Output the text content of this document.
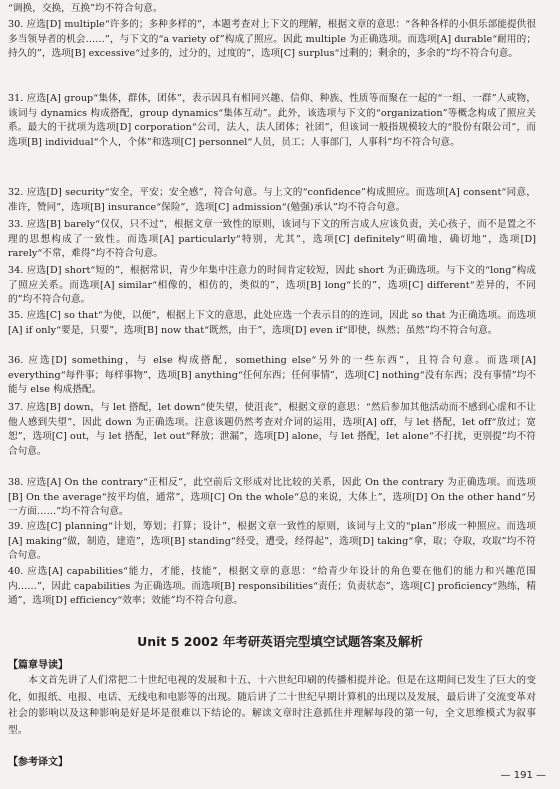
“调换，交换，互换”均不符合句意。
30. 应选[D] multiple“许多的；多种多样的”，本题考查对上下文的理解，根据文章的意思：“各种各样的小俱乐部能提供很多当领导者的机会……”，与下文的“a variety of”构成了照应。因此 multiple 为正确选项。而选项[A] durable“耐用的；持久的”，选项[B] excessive“过多的，过分的，过度的”，选项[C] surplus“过剩的；剩余的，多余的”均不符合句意。
31. 应选[A] group“集体，群体，团体”，表示因具有相同兴趣、信仰、种族、性质等而聚在一起的“一组、一群”人或物，该词与 dynamics 构成搭配，group dynamics“集体互动”。此外，该选项与下文的“organization”等概念构成了照应关系。最大的干扰项为选项[D] corporation“公司，法人，法人团体；社团”，但该词一般指规模较大的“股份有限公司”，而选项[B] individual“个人，个体”和选项[C] personnel“人员，员工；人事部门，人事科”均不符合句意。
32. 应选[D] security“安全，平安；安全感”，符合句意。与上文的“confidence”构成照应。而选项[A] consent“同意，准许，赞同”，选项[B] insurance“保险”，选项[C] admission“(勉强)承认”均不符合句意。
33. 应选[B] barely“仅仅，只不过”，根据文章一致性的原则，该词与下文的所言成人应该负责，关心孩子，而不是置之不理的思想构成了一致性。而选项[A] particularly“特别，尤其”，选项[C] definitely“明确地，确切地”，选项[D] rarely“不常，难得”均不符合句意。
34. 应选[D] short“短的”，根据常识，青少年集中注意力的时间肯定较短，因此 short 为正确选项。与下文的“long”构成了照应关系。而选项[A] similar“相像的，相仿的，类似的”，选项[B] long“长的”，选项[C] different“差异的，不同的”均不符合句意。
35. 应选[C] so that“为使，以便”，根据上下文的意思，此处应选一个表示目的的连词，因此 so that 为正确选项。而选项[A] if only“要是，只要”，选项[B] now that“既然，由于”，选项[D] even if“即使，纵然；虽然”均不符合句意。
36. 应选[D] something，与 else 构成搭配，something else“另外的一些东西”，且符合句意。而选项[A] everything“每件事；每样事物”，选项[B] anything“任何东西；任何事情”，选项[C] nothing“没有东西；没有事情”均不能与 else 构成搭配。
37. 应选[B] down，与 let 搭配，let down“使失望，使沮丧”，根据文章的意思：“然后参加其他活动而不感到心虚和不让他人感到失望”，因此 down 为正确选项。注意该题仍然考查对介词的运用，选项[A] off，与 let 搭配，let off“放过；宽恕”，选项[C] out，与 let 搭配，let out“释放；泄漏”，选项[D] alone，与 let 搭配，let alone“不打扰，更别提”均不符合句意。
38. 应选[A] On the contrary“正相反”，此空前后文形成对比比较的关系，因此 On the contrary 为正确选项。而选项[B] On the average“按平均值，通常”，选项[C] On the whole“总的来说，大体上”，选项[D] On the other hand“另一方面……”均不符合句意。
39. 应选[C] planning“计划，筹划；打算；设计”，根据文章一致性的原则，该词与上文的“plan”形成一种照应。而选项[A] making“做，制造，建造”，选项[B] standing“经受，遭受，经得起”，选项[D] taking“拿，取；夺取，攻取”均不符合句意。
40. 应选[A] capabilities“能力，才能，技能”，根据文章的意思：“给青少年设计的角色要在他们的能力和兴趣范围内……”，因此 capabilities 为正确选项。而选项[B] responsibilities“责任；负责状态”，选项[C] proficiency“熟练，精通”，选项[D] efficiency“效率；效能”均不符合句意。
Unit 5 2002 年考研英语完型填空试题答案及解析
【篇章导读】
本文首先讲了人们常把二十世纪电视的发展和十五、十六世纪印刷的传播相提并论。但是在这期间已发生了巨大的变化，如报纸、电报、电话、无线电和电影等的出现。随后讲了二十世纪早期计算机的出现以及发展，最后讲了交流变革对社会的影响以及这种影响是好是坏是很难以下结论的。解读文章时注意抓住并理解每段的第一句，全文思维模式为叙事型。
【参考译文】
— 191 —
